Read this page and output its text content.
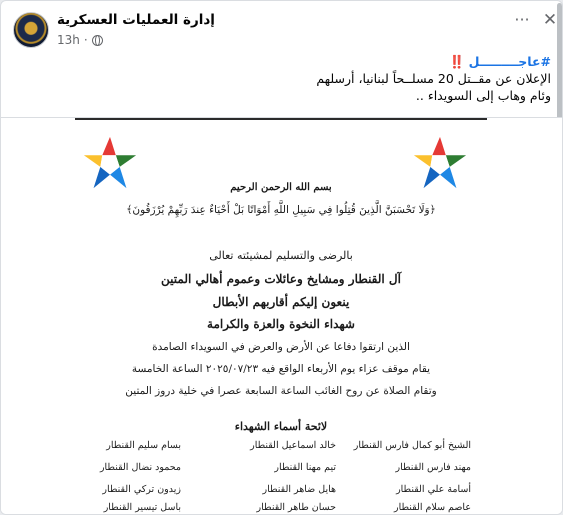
إدارة العمليات العسكرية
13h ·
··· ✕
#عاجـــــــــل ‼️
الإعلان عن مقــتل 20 مسلــحاً لبنانيا، أرسلهم
وئام وهاب إلى السويداء ..
بسم الله الرحمن الرحيم
﴿وَلَا تَحْسَبَنَّ الَّذِينَ قُتِلُوا فِي سَبِيلِ اللَّهِ أَمْوَاتًا بَلْ أَحْيَاءٌ عِندَ رَبِّهِمْ يُرْزَقُونَ﴾
بالرضى والتسليم لمشيئته تعالى
آل القنطار ومشايخ وعائلات وعموم أهالي المتين
ينعون إليكم أقاربهم الأبطال
شهداء النخوة والعزة والكرامة
الذين ارتقوا دفاعا عن الأرض والعرض في السويداء الصامدة
يقام موقف عزاء يوم الأربعاء الواقع فيه ٢٠٢٥/٠٧/٢٣ الساعة الخامسة
وتقام الصلاة عن روح الغائب الساعة السابعة عصرا في خلية دروز المتين
لائحة أسماء الشهداء
الشيخ أبو كمال فارس القنطار
خالد اسماعيل القنطار
بسام سليم القنطار
مهند فارس القنطار
تيم مهنا القنطار
محمود نضال القنطار
أسامة علي القنطار
هايل ضاهر القنطار
زيدون تركي القنطار
عاصم سلام القنطار
حسان طاهر القنطار
باسل تيسير القنطار
